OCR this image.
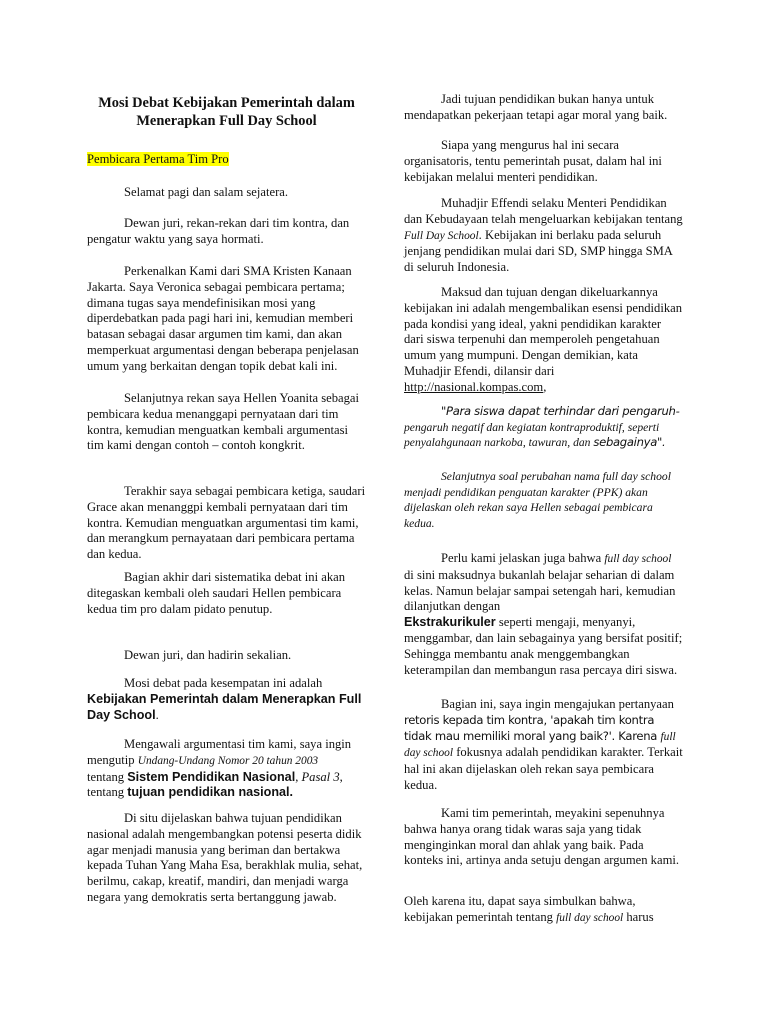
Mosi Debat Kebijakan Pemerintah dalam
Menerapkan Full Day School

Pembicara Pertama Tim Pro

Selamat pagi dan salam sejatera.

Dewan juri, rekan-rekan dari tim kontra, dan pengatur waktu yang saya hormati.

Perkenalkan Kami dari SMA Kristen Kanaan Jakarta. Saya Veronica sebagai pembicara pertama; dimana tugas saya mendefinisikan mosi yang diperdebatkan pada pagi hari ini, kemudian memberi batasan sebagai dasar argumen tim kami, dan akan memperkuat argumentasi dengan beberapa penjelasan umum yang berkaitan dengan topik debat kali ini.

Selanjutnya rekan saya Hellen Yoanita sebagai pembicara kedua menanggapi pernyataan dari tim kontra, kemudian menguatkan kembali argumentasi tim kami dengan contoh – contoh kongkrit.

Terakhir saya sebagai pembicara ketiga, saudari Grace akan menanggpi kembali pernyataan dari tim kontra. Kemudian menguatkan argumentasi tim kami, dan merangkum pernayataan dari pembicara pertama dan kedua.

Bagian akhir dari sistematika debat ini akan ditegaskan kembali oleh saudari Hellen pembicara kedua tim pro dalam pidato penutup.

Dewan juri, dan hadirin sekalian.

Mosi debat pada kesempatan ini adalah
Kebijakan Pemerintah dalam Menerapkan Full Day School.
Mengawali argumentasi tim kami, saya ingin mengutip Undang-Undang Nomor 20 tahun 2003
tentang Sistem Pendidikan Nasional, Pasal 3,
tentang tujuan pendidikan nasional.

Di situ dijelaskan bahwa tujuan pendidikan nasional adalah mengembangkan potensi peserta didik agar menjadi manusia yang beriman dan bertakwa kepada Tuhan Yang Maha Esa, berakhlak mulia, sehat, berilmu, cakap, kreatif, mandiri, dan menjadi warga negara yang demokratis serta bertanggung jawab.

Jadi tujuan pendidikan bukan hanya untuk mendapatkan pekerjaan tetapi agar moral yang baik.

Siapa yang mengurus hal ini secara organisatoris, tentu pemerintah pusat, dalam hal ini kebijakan melalui menteri pendidikan.

Muhadjir Effendi selaku Menteri Pendidikan dan Kebudayaan telah mengeluarkan kebijakan tentang Full Day School. Kebijakan ini berlaku pada seluruh jenjang pendidikan mulai dari SD, SMP hingga SMA di seluruh Indonesia.

Maksud dan tujuan dengan dikeluarkannya kebijakan ini adalah mengembalikan esensi pendidikan pada kondisi yang ideal, yakni pendidikan karakter dari siswa terpenuhi dan memperoleh pengetahuan umum yang mumpuni. Dengan demikian, kata Muhadjir Efendi, dilansir dari http://nasional.kompas.com,

"Para siswa dapat terhindar dari pengaruh- pengaruh negatif dan kegiatan kontraproduktif, seperti penyalahgunaan narkoba, tawuran, dan sebagainya".

Selanjutnya soal perubahan nama full day school menjadi pendidikan penguatan karakter (PPK) akan dijelaskan oleh rekan saya Hellen sebagai pembicara kedua.

Perlu kami jelaskan juga bahwa full day school di sini maksudnya bukanlah belajar seharian di dalam kelas. Namun belajar sampai setengah hari, kemudian dilanjutkan dengan
Ekstrakurikuler seperti mengaji, menyanyi, menggambar, dan lain sebagainya yang bersifat positif; Sehingga membantu anak menggembangkan keterampilan dan membangun rasa percaya diri siswa.
Bagian ini, saya ingin mengajukan pertanyaan
retoris kepada tim kontra, 'apakah tim kontra tidak mau memiliki moral yang baik?'. Karena full day school fokusnya adalah pendidikan karakter. Terkait hal ini akan dijelaskan oleh rekan saya pembicara kedua.

Kami tim pemerintah, meyakini sepenuhnya bahwa hanya orang tidak waras saja yang tidak menginginkan moral dan ahlak yang baik. Pada konteks ini, artinya anda setuju dengan argumen kami.

Oleh karena itu, dapat saya simbulkan bahwa, kebijakan pemerintah tentang full day school harus
